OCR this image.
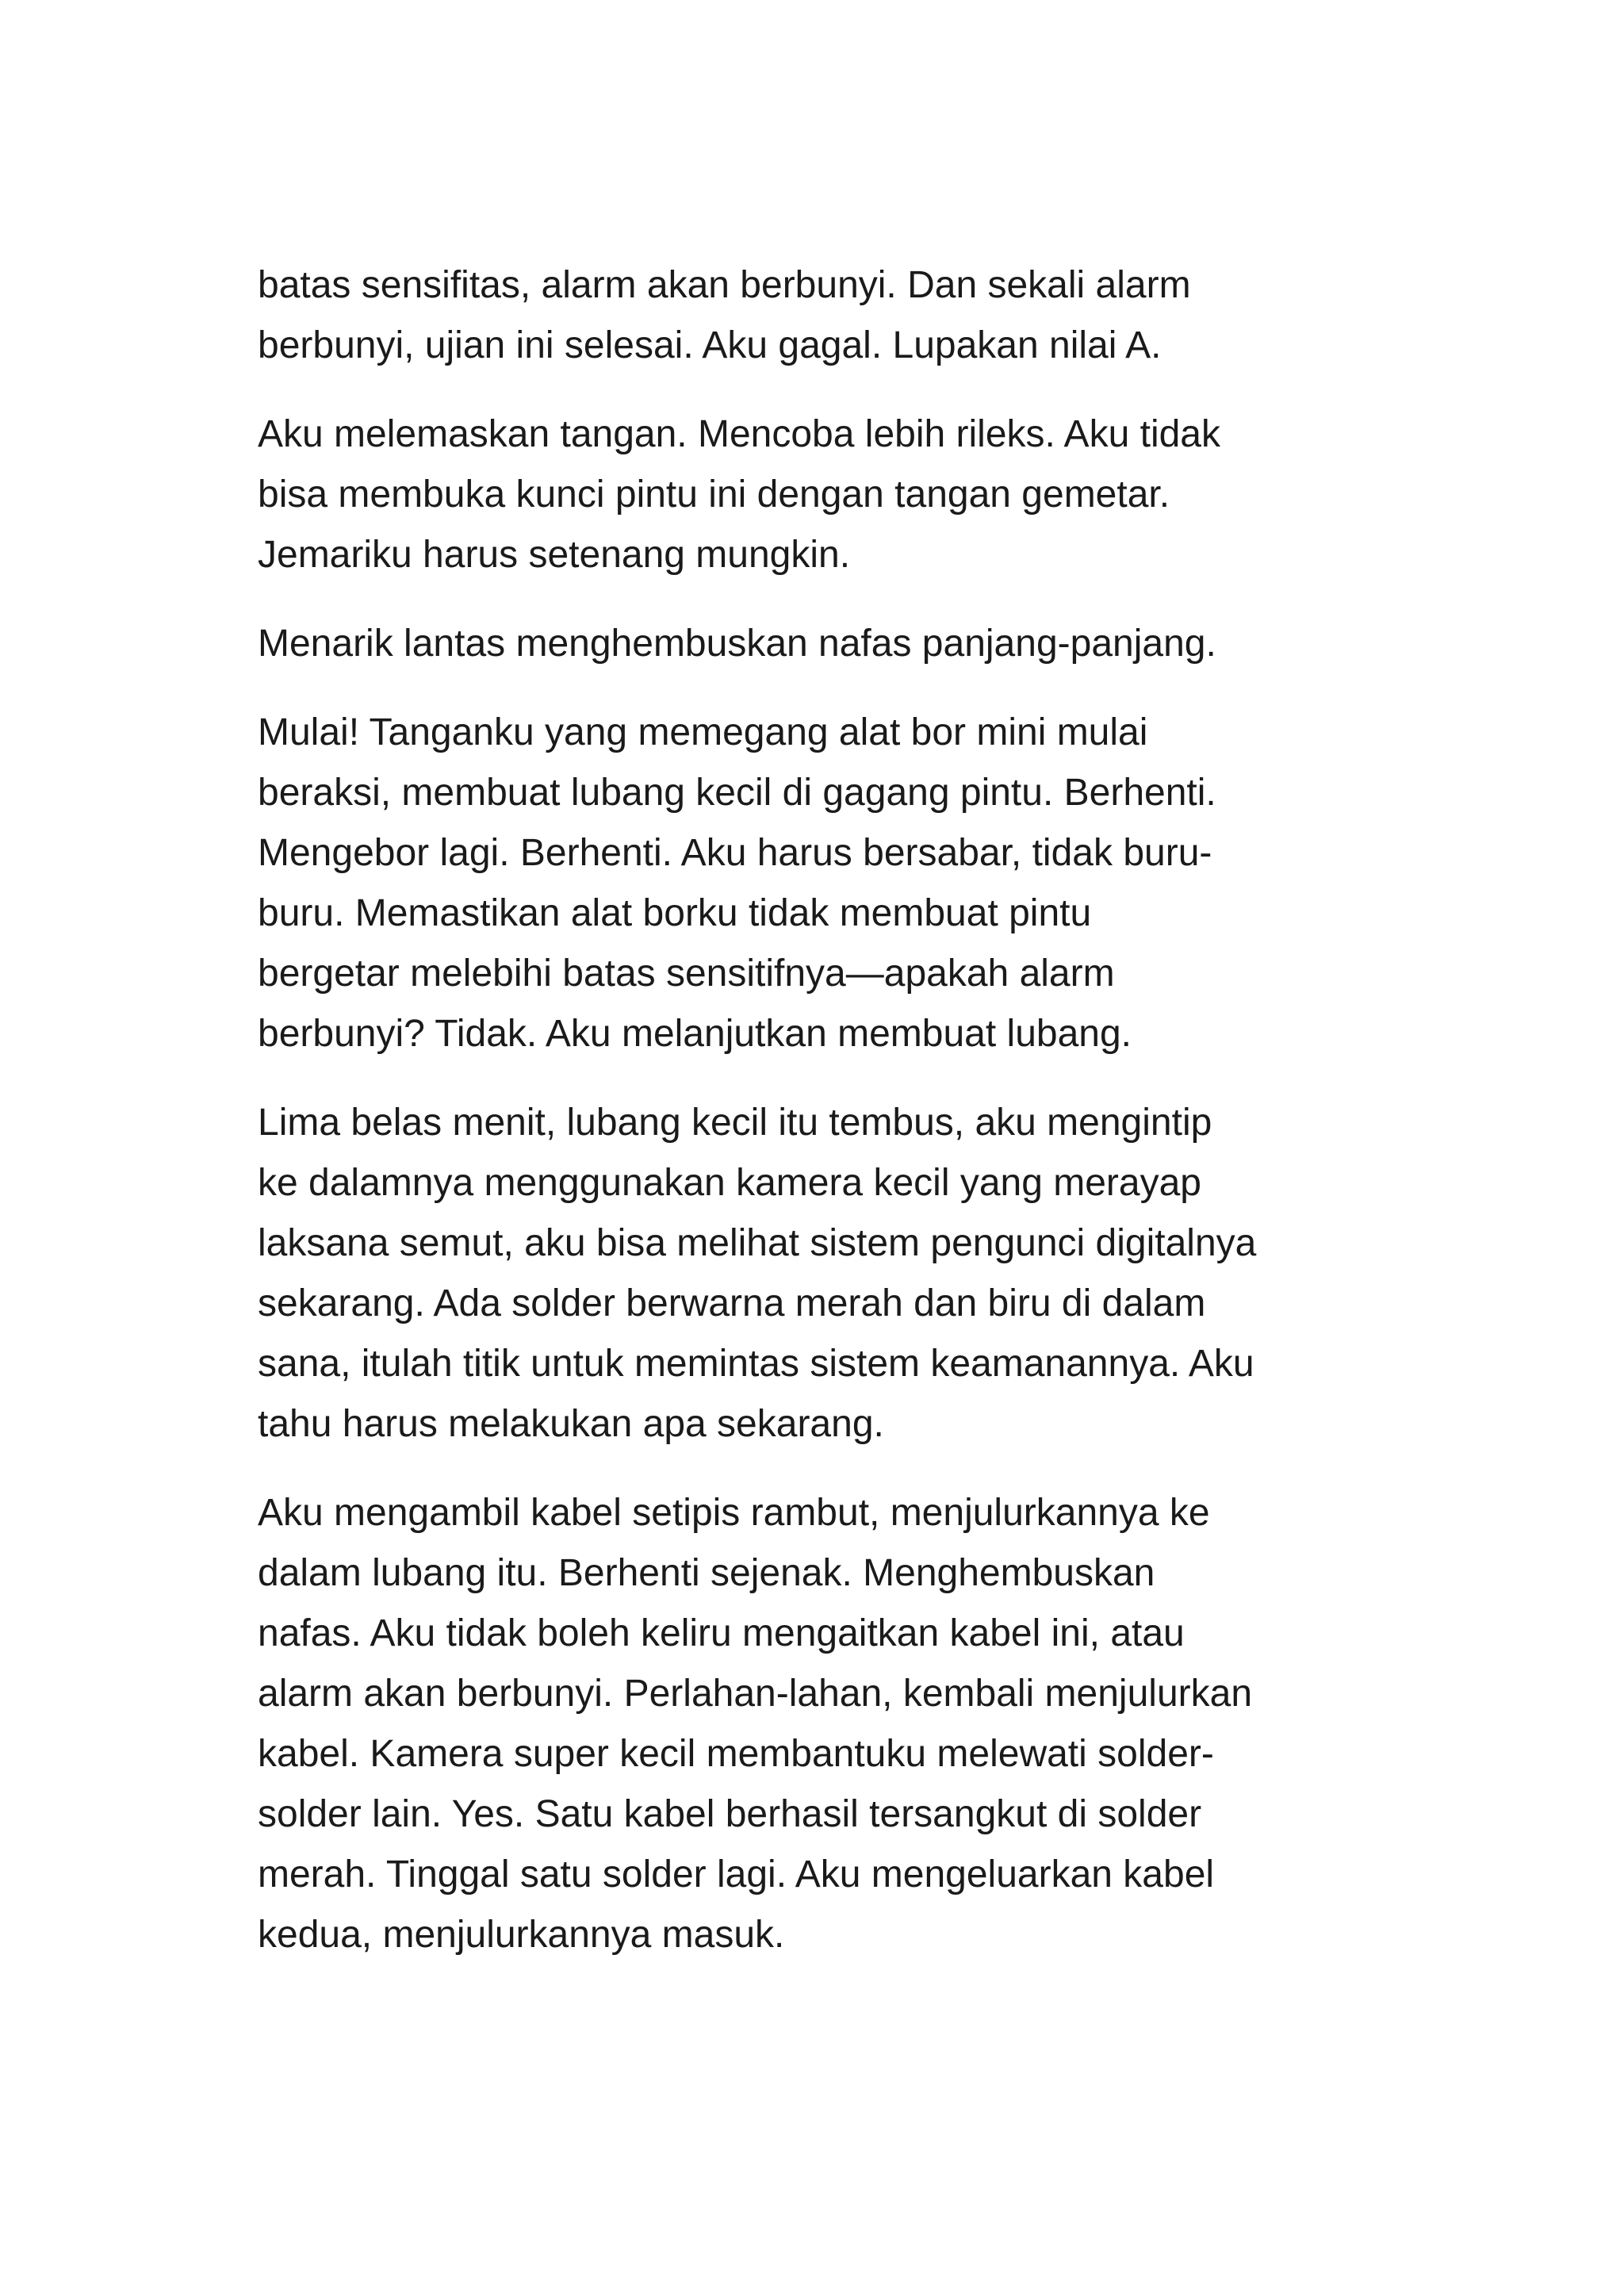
batas sensifitas, alarm akan berbunyi. Dan sekali alarm
berbunyi, ujian ini selesai. Aku gagal. Lupakan nilai A.

Aku melemaskan tangan. Mencoba lebih rileks. Aku tidak
bisa membuka kunci pintu ini dengan tangan gemetar.
Jemariku harus setenang mungkin.

Menarik lantas menghembuskan nafas panjang-panjang.

Mulai! Tanganku yang memegang alat bor mini mulai
beraksi, membuat lubang kecil di gagang pintu. Berhenti.
Mengebor lagi. Berhenti. Aku harus bersabar, tidak buru-
buru. Memastikan alat borku tidak membuat pintu
bergetar melebihi batas sensitifnya—apakah alarm
berbunyi? Tidak. Aku melanjutkan membuat lubang.

Lima belas menit, lubang kecil itu tembus, aku mengintip
ke dalamnya menggunakan kamera kecil yang merayap
laksana semut, aku bisa melihat sistem pengunci digitalnya
sekarang. Ada solder berwarna merah dan biru di dalam
sana, itulah titik untuk memintas sistem keamanannya. Aku
tahu harus melakukan apa sekarang.

Aku mengambil kabel setipis rambut, menjulurkannya ke
dalam lubang itu. Berhenti sejenak. Menghembuskan
nafas. Aku tidak boleh keliru mengaitkan kabel ini, atau
alarm akan berbunyi. Perlahan-lahan, kembali menjulurkan
kabel. Kamera super kecil membantuku melewati solder-
solder lain. Yes. Satu kabel berhasil tersangkut di solder
merah. Tinggal satu solder lagi. Aku mengeluarkan kabel
kedua, menjulurkannya masuk.
